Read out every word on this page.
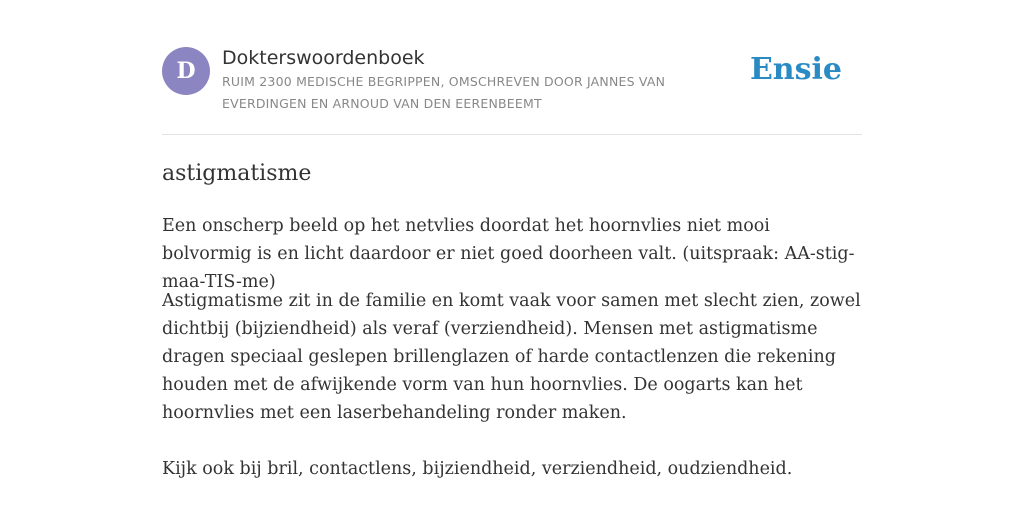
D	Dokterswoordenboek
RUIM 2300 MEDISCHE BEGRIPPEN, OMSCHREVEN DOOR JANNES VAN EVERDINGEN EN ARNOUD VAN DEN EERENBEEMT
Ensie
astigmatisme

Een onscherp beeld op het netvlies doordat het hoornvlies niet mooi bolvormig is en licht daardoor er niet goed doorheen valt. (uitspraak: AA-stig-maa-TIS-me)

Astigmatisme zit in de familie en komt vaak voor samen met slecht zien, zowel dichtbij (bijziendheid) als veraf (verziendheid). Mensen met astigmatisme dragen speciaal geslepen brillenglazen of harde contactlenzen die rekening houden met de afwijkende vorm van hun hoornvlies. De oogarts kan het hoornvlies met een laserbehandeling ronder maken.

Kijk ook bij bril, contactlens, bijziendheid, verziendheid, oudziendheid.
